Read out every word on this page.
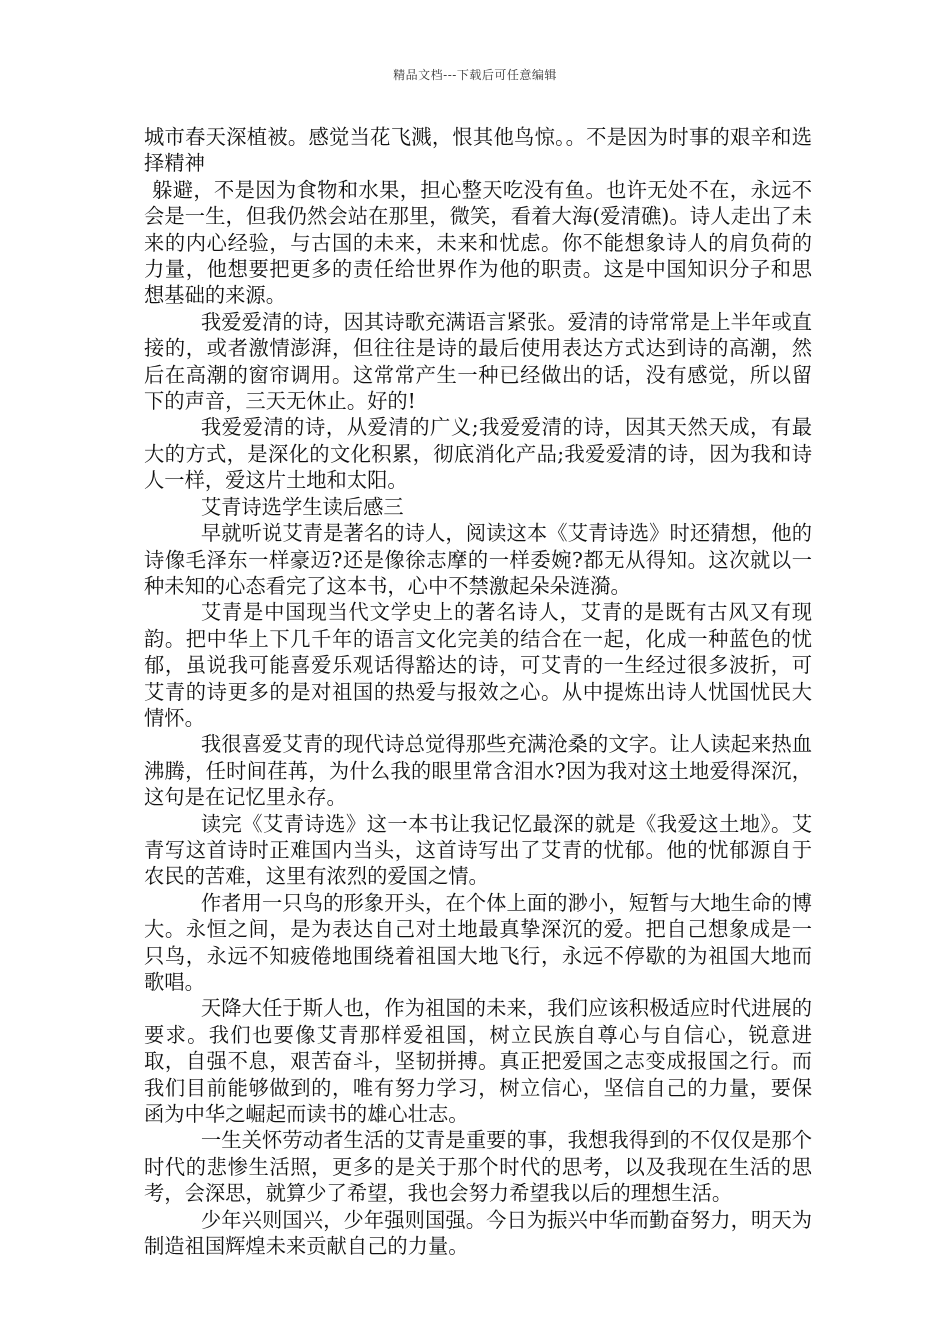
精品文档---下载后可任意编辑

城市春天深植被。感觉当花飞溅，恨其他鸟惊。。不是因为时事的艰辛和选择精神

躲避，不是因为食物和水果，担心整天吃没有鱼。也许无处不在，永远不会是一生，但我仍然会站在那里，微笑，看着大海(爱清礁)。诗人走出了未来的内心经验，与古国的未来，未来和忧虑。你不能想象诗人的肩负荷的力量，他想要把更多的责任给世界作为他的职责。这是中国知识分子和思想基础的来源。

我爱爱清的诗，因其诗歌充满语言紧张。爱清的诗常常是上半年或直接的，或者激情澎湃，但往往是诗的最后使用表达方式达到诗的高潮，然后在高潮的窗帘调用。这常常产生一种已经做出的话，没有感觉，所以留下的声音，三天无休止。好的!

我爱爱清的诗，从爱清的广义;我爱爱清的诗，因其天然天成，有最大的方式，是深化的文化积累，彻底消化产品;我爱爱清的诗，因为我和诗人一样，爱这片土地和太阳。

艾青诗选学生读后感三

早就听说艾青是著名的诗人，阅读这本《艾青诗选》时还猜想，他的诗像毛泽东一样豪迈?还是像徐志摩的一样委婉?都无从得知。这次就以一种未知的心态看完了这本书，心中不禁激起朵朵涟漪。

艾青是中国现当代文学史上的著名诗人，艾青的是既有古风又有现韵。把中华上下几千年的语言文化完美的结合在一起，化成一种蓝色的忧郁，虽说我可能喜爱乐观话得豁达的诗，可艾青的一生经过很多波折，可艾青的诗更多的是对祖国的热爱与报效之心。从中提炼出诗人忧国忧民大情怀。

我很喜爱艾青的现代诗总觉得那些充满沧桑的文字。让人读起来热血沸腾，任时间荏苒，为什么我的眼里常含泪水?因为我对这土地爱得深沉，这句是在记忆里永存。

读完《艾青诗选》这一本书让我记忆最深的就是《我爱这土地》。艾青写这首诗时正难国内当头，这首诗写出了艾青的忧郁。他的忧郁源自于农民的苦难，这里有浓烈的爱国之情。

作者用一只鸟的形象开头，在个体上面的渺小，短暂与大地生命的博大。永恒之间，是为表达自己对土地最真挚深沉的爱。把自己想象成是一只鸟，永远不知疲倦地围绕着祖国大地飞行，永远不停歇的为祖国大地而歌唱。

天降大任于斯人也，作为祖国的未来，我们应该积极适应时代进展的要求。我们也要像艾青那样爱祖国，树立民族自尊心与自信心，锐意进取，自强不息，艰苦奋斗，坚韧拼搏。真正把爱国之志变成报国之行。而我们目前能够做到的，唯有努力学习，树立信心，坚信自己的力量，要保函为中华之崛起而读书的雄心壮志。

一生关怀劳动者生活的艾青是重要的事，我想我得到的不仅仅是那个时代的悲惨生活照，更多的是关于那个时代的思考，以及我现在生活的思考，会深思，就算少了希望，我也会努力希望我以后的理想生活。

少年兴则国兴，少年强则国强。今日为振兴中华而勤奋努力，明天为制造祖国辉煌未来贡献自己的力量。
